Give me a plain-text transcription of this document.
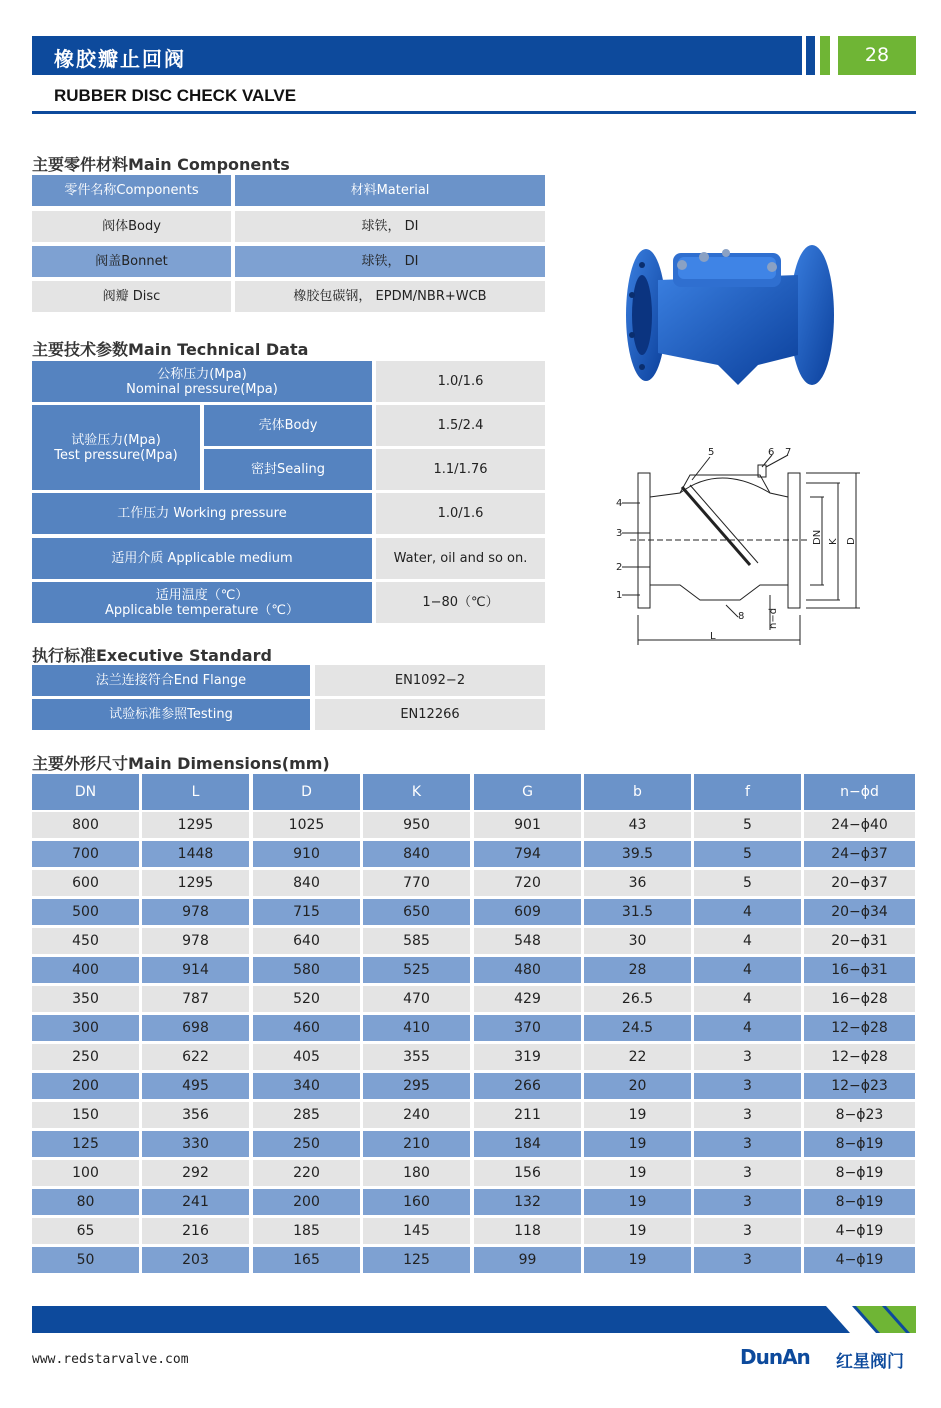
橡胶瓣止回阀	28
RUBBER DISC CHECK VALVE
主要零件材料Main Components
零件名称Components	材料Material
阀体Body	球铁， DI
阀盖Bonnet	球铁， DI
阀瓣 Disc	橡胶包碳钢， EPDM/NBR+WCB
主要技术参数Main Technical Data
公称压力(Mpa)
Nominal pressure(Mpa)	1.0/1.6
试验压力(Mpa)
Test pressure(Mpa)
壳体Body	1.5/2.4
密封Sealing	1.1/1.76
工作压力 Working pressure	1.0/1.6
适用介质 Applicable medium	Water, oil and so on.
适用温度（℃）
Applicable temperature（℃）	1−80（℃）
执行标准Executive Standard
法兰连接符合End Flange	EN1092−2
试验标准参照Testing	EN12266
1
2
3
4
5	6 7
8
L
DN K D
n−d
主要外形尺寸Main Dimensions(mm)
DN	L	D	K	G	b	f	n−ϕd
800	1295	1025	950	901	43	5	24−ϕ40
700	1448	910	840	794	39.5	5	24−ϕ37
600	1295	840	770	720	36	5	20−ϕ37
500	978	715	650	609	31.5	4	20−ϕ34
450	978	640	585	548	30	4	20−ϕ31
400	914	580	525	480	28	4	16−ϕ31
350	787	520	470	429	26.5	4	16−ϕ28
300	698	460	410	370	24.5	4	12−ϕ28
250	622	405	355	319	22	3	12−ϕ28
200	495	340	295	266	20	3	12−ϕ23
150	356	285	240	211	19	3	8−ϕ23
125	330	250	210	184	19	3	8−ϕ19
100	292	220	180	156	19	3	8−ϕ19
80	241	200	160	132	19	3	8−ϕ19
65	216	185	145	118	19	3	4−ϕ19
50	203	165	125	99	19	3	4−ϕ19
www.redstarvalve.com	DunAn 红星阀门
